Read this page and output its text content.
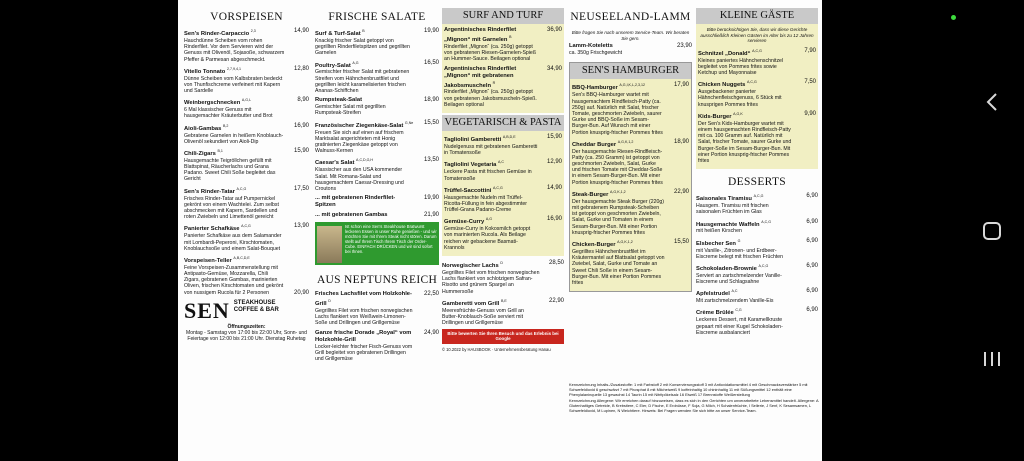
VORSPEISEN
Sen's Rinder-Carpaccio $^{2,3}$	14,90
Hauchdünne Scheiben vom rohen Rinderfilet. Vor dem Servieren wird der Genuss mit Olivenöl, Sojasoße, schwarzem Pfeffer & Parmesan abgeschmeckt.
Vitello Tonnato $^{2,7,9,4,1}$	12,80
Dünne Scheiben vom Kalbsbraten bedeckt von Thunfischcreme verfeinert mit Kapern und Sardelle
Weinbergschnecken $^{A,G,L}$	8,90
6 Mal klassischer Genuss mit hausgemachter Kräuterbutter und Brot
Aioli-Gambas $^{B,2}$	16,90
Gebratene Garnelen in heißem Knoblauch-Olivenöl sekundiert von Aioli-Dip
Chili-Zigars $^{B,1}$	15,90
Hausgemachte Teigröllchen gefüllt mit Blattspinat, Räucherlachs und Grana Padano. Sweet Chili Soße begleitet das Gericht
Sen's Rinder-Tatar $^{A,C,G}$	17,50
Frisches Rinder-Tatar auf Pumpernickel gekrönt von einem Wachtelei. Zum selbst abschmecken mit Kapern, Sardellen und roten Zwiebeln und Limettenöl gereicht
Panierter Schafkäse $^{A,C,G}$	13,90
Panierter Schafkäse aus dem Salamander mit Lombardi-Peperoni, Kirschtomaten, Knoblauchsoße und einem Salat-Bouquet
Vorspeisen-Teller $^{A,B,C,D,E}$
Feine Vorspeisen-Zusammenstellung mit Antipasto-Gemüse, Mozzarella, Chili Zigars, gebratenen Gambas, marinierten Oliven, frischen Kirschtomaten und gekrönt von nussigem Rucola für 2 Personen	20,90
SEN STEAKHOUSE
COFFEE & BAR
Öffnungszeiten:
Montag - Samstag von 17:00 bis 22:00 Uhr, Sonn- und Feiertage von 12:00 bis 21:00 Uhr. Dienstag Ruhetag
FRISCHE SALATE
Surf & Turf-Salat $^B$	19,90
Knackig frischer Salat getoppt von gegrillten Rinderfiletspitzen und gegrillten Garnelen
Poultry-Salat $^{A,G}$	16,50
Gemischter frischer Salat mit gebratenen Streifen vom Hähnchenbrustfilet und gegrillten leicht karamelisierten frischen Ananas-Schiffchen
Rumpsteak-Salat	18,90
Gemischter Salat mit gegrillten Rumpsteak-Streifen
Französischer Ziegenkäse-Salat $^{G,Ne}$ 15,50
Freuen Sie sich auf einen auf frischem Marktsalat angerichteten mit Honig gratinierten Ziegenkäse getoppt von Walnuss-Kernen
Caesar's Salat $^{A,C,D,G,H}$	13,50
Klassischer aus den USA kommender Salat. Mit Romana-Salat und hausgemachtem Caesar-Dressing und Croutons
... mit gebratenen Rinderfilet-Spitzen
19,90
... mit gebratenen Gambas	21,90
Ist schon eine Sen's Steakhouse Bratwurst leckeren Essen in unser Ruhe genießen - und wir möchten Sie mit Ihrem Steak nicht stören. Darum stellt auf Ihrem Tisch Ihrem Tisch der Order-Cube. EINFACH DRÜCKEN und wir sind sofort bei Ihnen.
AUS NEPTUNS REICH
Frisches Lachsfilet vom Holzkohle-Grill $^D$
22,50
Gegrilltes Filet vom frischen norwegischen Lachs flankiert von Weißwein-Limonen-Soße und Drillingen und Grillgemüse
Ganze frische Dorade „Royal“ vom Holzkohle-Grill
24,90
Locker-leichter frischer Fisch-Genuss vom Grill begleitet von gebratenen Drillingen und Grillgemüse
SURF AND TURF
Argentinisches Rinderfilet „Mignon“ mit Garnelen $^B$
36,90
Rinderfilet „Mignon“ (ca. 250g) getoppt von gebratenen Riesen-Garnelen-Spieß an Hummer-Sauce. Beilagen optional
Argentinisches Rinderfilet „Mignon“ mit gebratenen Jakobsmuscheln $^R$
34,90
Rinderfilet „Mignon“ (ca. 250g) getoppt von gebratenen Jakobsmuscheln-Spieß. Beilagen optional
VEGETARISCH & PASTA
Tagliolini Gamberetti $^{A,B,D,E}$	15,90
Nudelgenuss mit gebratenen Gamberetti in Tomatensoße
Tagliolini Vegetaria $^{A,C}$	12,90
Leckere Pasta mit frischen Gemüse in Tomatensoße
Trüffel-Saccottini $^{A,C,G}$	14,90
Hausgemachte Nudeln mit Trüffel-Ricotta-Füllung in fein abgestimmter Trüffel-Grana Padano-Creme
Gemüse-Curry $^{A,G}$	16,90
Gemüse-Curry in Kokosmilch getoppt von marinierten Rucola. Als Beilage reichen wir gebackene Basmati-Krannols
Norwegischer Lachs $^D$	28,50
Gegrilltes Filet vom frischen norwegischen Lachs flankiert von schlotzigem Safran-Risotto und grünem Spargel an Hummersoße
Gamberetti vom Grill $^{B,E}$	22,90
Meeresfrüchte-Genuss vom Grill an Butter-Knoblauch-Soße serviert mit Drillingen und Grillgemüse
Bitte bewerten Sie Ihren Besuch und das Erlebnis bei Google
© 10.2022 by HAUSBOOK · Unternehmensberatung Hanau
NEUSEELAND-LAMM
Bitte fragen Sie nach unserem Service-Team. Wir beraten Sie gern.
Lamm-Koteletts	23,90
ca. 350g Frischgewicht
SEN'S HAMBURGER
BBQ-Hamburger $^{A,G,I,K,L,2,3,12}$	17,90
Sen's BBQ-Hamburger wartet mit hausgemachtem Rindfleisch-Patty (ca. 250g) auf. Natürlich mit Salat, frischer Tomate, geschmorten Zwiebeln, saurer Gurke und BBQ-Soße im Sesam-Burger-Bun. Auf Wunsch mit einer Portion knusprig-frischer Pommes frites
Cheddar Burger $^{A,G,K,1,2}$	18,90
Der hausgemachte Riesen-Rindfleisch-Patty (ca. 250 Gramm) ist getoppt von geschmorten Zwiebeln, Salat, Gurke und frischen Tomate mit Cheddar-Soße in einem Sesam-Burger-Bun. Mit einer Portion knusprig-frischer Pommes frites
Steak-Burger $^{A,G,K,1,2}$	22,90
Der hausgemachte Steak Burger (220g) mit gebratenem Rumpsteak-Scheiben ist getoppt von geschmorten Zwiebeln, Salat, Gurke und Tomaten in einem Sesam-Burger-Bun. Mit einer Portion knusprig-frischer Pommes frites
Chicken-Burger $^{A,G,K,1,2}$	15,50
Gegrilltes Hähnchenbrustfilet im Kräutermantel auf Blattsalat getoppt von Zwiebel, Salat, Gurke und Tomate an Sweet Chili Soße in einem Sesam-Burger-Bun. Mit einer Portion Pommes frites
KLEINE GÄSTE
Bitte berücksichtigen Sie, dass wir diese Gerichte ausschließlich Kleinen Gästen im Alter bis zu 12 Jahren servieren
Schnitzel „Donald“ $^{A,C,G}$	7,90
Kleines paniertes Hähnchenschnitzel begleitet von Pommes frites sowie Ketchup und Mayonnaise
Chicken Nuggets $^{A,C,G}$	7,50
Ausgebackener panierter Hähnchenfleischgenuss, 6 Stück mit knusprigen Pommes frites
Kids-Burger $^{A,G,K}$	9,90
Der Sen's Kids-Hamburger wartet mit einem hausgemachten Rindfleisch-Patty mit ca. 100 Gramm auf. Natürlich mit Salat, frischer Tomate, saurer Gurke und Burger-Soße im Sesam-Burger-Bun. Mit einer Portion knusprig-frischer Pommes frites
DESSERTS
Saisonales Tiramisu $^{A,C,G}$	6,90
Hausgem. Tiramisu mit frischen saisonalen Früchten im Glas
Hausgemachte Waffeln $^{A,C,G}$	6,90
mit heißen Kirschen
Elsbecher Sen $^G$	6,90
mit Vanille-, Zitronen- und Erdbeer-Eiscreme belegt mit frischen Früchten
Schokoladen-Brownie $^{A,C,G}$	6,90
Serviert an zartschmelzender Vanille-Eiscreme und Schlagsahne
Apfelstrudel $^{A,C}$	6,90
Mit zartschmelzendem Vanille-Eis
Crème Brûlée $^{C,G}$	6,90
Leckeres Dessert, mit Karamellkruste gepaart mit einer Kugel Schokoladen-Eiscreme ausbalanciert
Kennzeichnung Inhalts-/Zusatzstoffe: 1 mit Farbstoff 2 mit Konservierungsstoff 3 mit Antioxidationsmittel 4 mit Geschmacksverstärker 5 mit Schwefeldioxid 6 geschwärzt 7 mit Phosphat 8 mit Milcheiweiß 9 koffeinhaltig 10 chininhaltig 11 mit Süßungsmittel 12 enthält eine Phenylalaninquelle 13 gewachst 14 Taurin 15 mit Nitritpökelsalz 16 Eiweiß 17 Brennstoffe Weißerstellung
Kennzeichnung Allergene: Wir erreichen darauf hinzuweisen, dass es sich in den Gerichten um unverarbeitete Lebensmittel handelt. Allergene: A Glutenhaltiges Getreide, B Krebstiere, C Eier, D Fische, E Erdnüsse, F Soja, G Milch, H Schalenfrüchte, I Sellerie, J Senf, K Sesamsamen, L Schwefeldioxid, M Lupinen, N Weichtiere. Hinweis: Bei Fragen wenden Sie sich bitte an unser Service-Team.
